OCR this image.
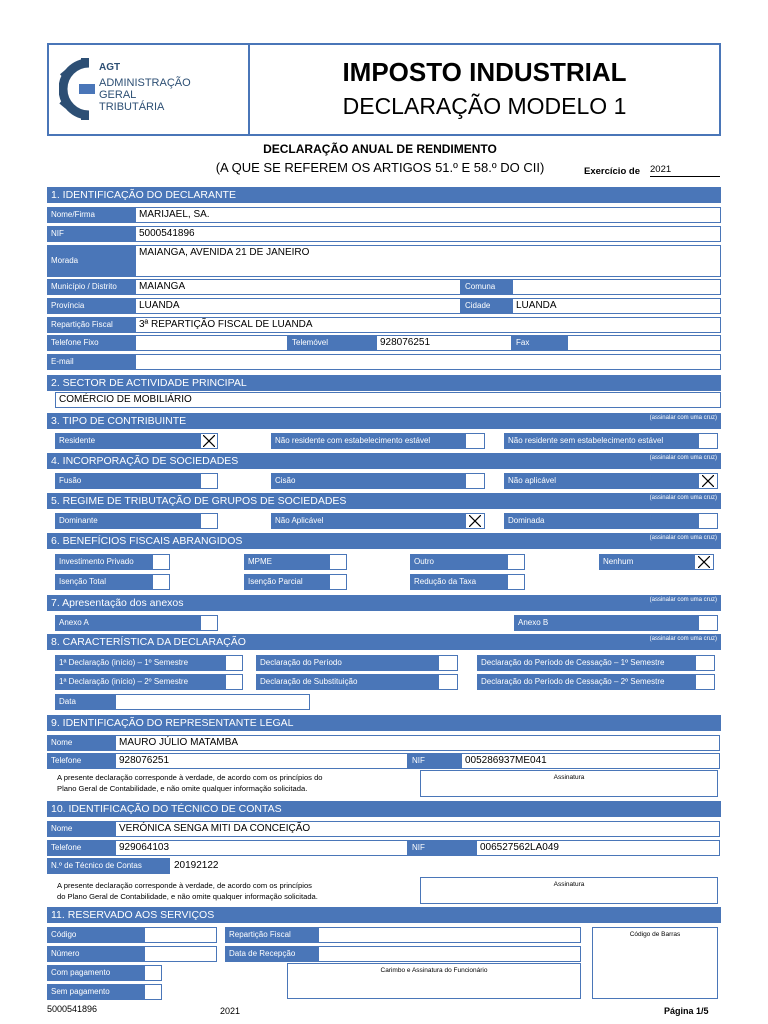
AGT
ADMINISTRAÇÃO
GERAL
TRIBUTÁRIA
IMPOSTO INDUSTRIAL
DECLARAÇÃO MODELO 1
DECLARAÇÃO ANUAL DE RENDIMENTO
(A QUE SE REFEREM OS ARTIGOS 51.º E 58.º DO CII)	Exercício de 2021
1. IDENTIFICAÇÃO DO DECLARANTE
Nome/Firma	MARIJAEL, SA.
NIF	5000541896
Morada
MAIANGA, AVENIDA 21 DE JANEIRO
Município / Distrito	MAIANGA	Comuna
Província	LUANDA	Cidade	LUANDA
Repartição Fiscal	3ª REPARTIÇÃO FISCAL DE LUANDA
Telefone Fixo	Telemóvel	928076251	Fax
E-mail
2. SECTOR DE ACTIVIDADE PRINCIPAL
COMÉRCIO DE MOBILIÁRIO
3. TIPO DE CONTRIBUINTE	(assinalar com uma cruz)
Residente	Não residente com estabelecimento estável	Não residente sem estabelecimento estável
4. INCORPORAÇÃO DE SOCIEDADES	(assinalar com uma cruz)
Fusão	Cisão	Não aplicável
5. REGIME DE TRIBUTAÇÃO DE GRUPOS DE SOCIEDADES	(assinalar com uma cruz)
Dominante	Não Aplicável	Dominada
6. BENEFÍCIOS FISCAIS ABRANGIDOS	(assinalar com uma cruz)
Investimento Privado	MPME	Outro	Nenhum
Isenção Total	Isenção Parcial	Redução da Taxa
7. Apresentação dos anexos	(assinalar com uma cruz)
Anexo A	Anexo B
8. CARACTERÍSTICA DA DECLARAÇÃO	(assinalar com uma cruz)
1ª Declaração (início) – 1º Semestre	Declaração do Período	Declaração do Período de Cessação – 1º Semestre
1ª Declaração (início) – 2º Semestre	Declaração de Substituição	Declaração do Período de Cessação – 2º Semestre
Data
9. IDENTIFICAÇÃO DO REPRESENTANTE LEGAL
Nome	MAURO JÚLIO MATAMBA
Telefone	928076251	NIF	005286937ME041
A presente declaração corresponde à verdade, de acordo com os princípios do
Plano Geral de Contabilidade, e não omite qualquer informação solicitada.
Assinatura
10. IDENTIFICAÇÃO DO TÉCNICO DE CONTAS
Nome	VERÓNICA SENGA MITI DA CONCEIÇÃO
Telefone	929064103	NIF	006527562LA049
N.º de Técnico de Contas	20192122
A presente declaração corresponde à verdade, de acordo com os princípios
do Plano Geral de Contabilidade, e não omite qualquer informação solicitada.
Assinatura
11. RESERVADO AOS SERVIÇOS
Código	Repartição Fiscal
Número	Data de Recepção
Com pagamento
Sem pagamento
Carimbo e Assinatura do Funcionário
Código de Barras
5000541896	2021	Página 1/5
